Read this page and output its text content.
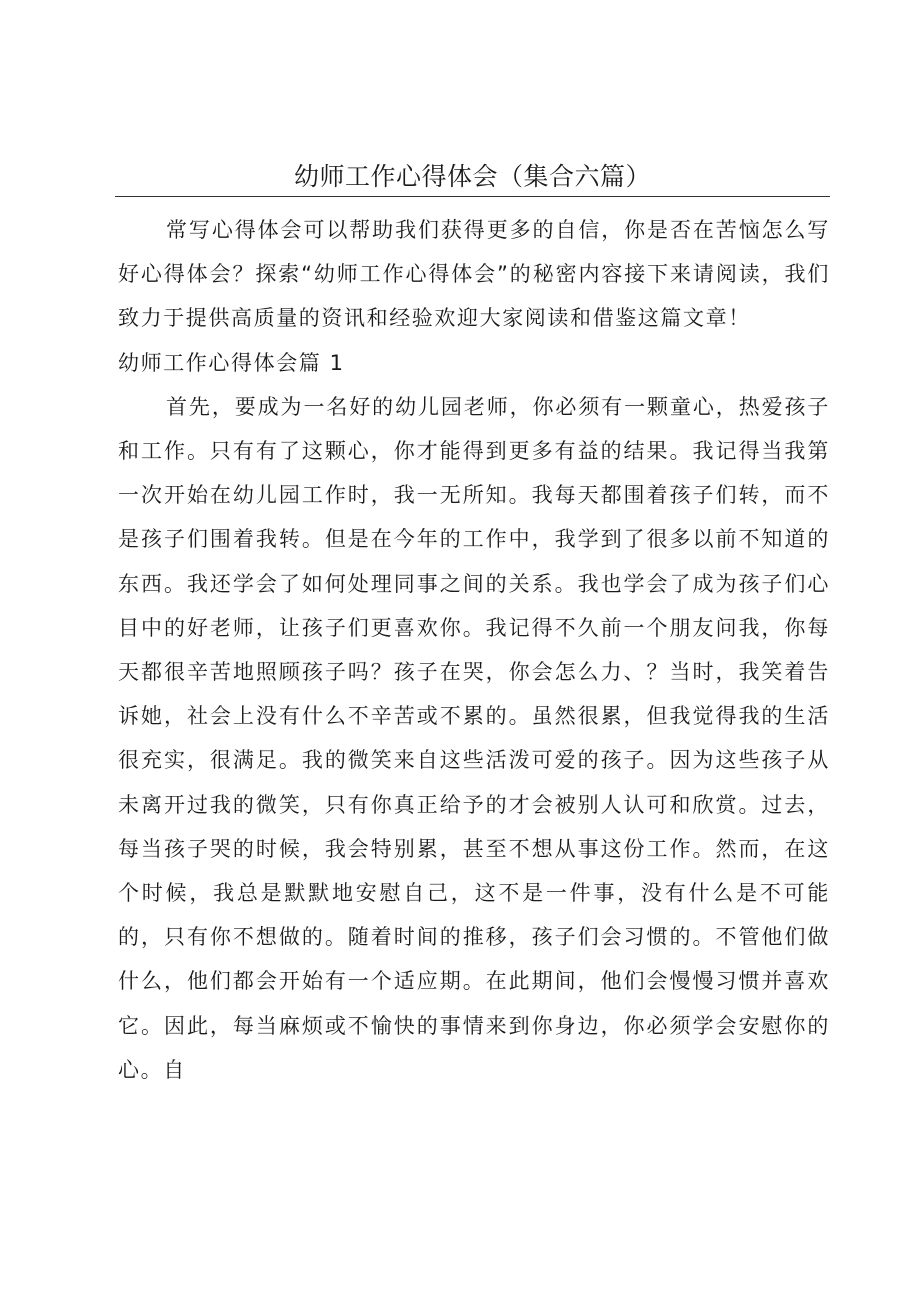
幼师工作心得体会（集合六篇）

常写心得体会可以帮助我们获得更多的自信，你是否在苦恼怎么写好心得体会？探索“幼师工作心得体会”的秘密内容接下来请阅读，我们致力于提供高质量的资讯和经验欢迎大家阅读和借鉴这篇文章！

幼师工作心得体会篇 1

首先，要成为一名好的幼儿园老师，你必须有一颗童心，热爱孩子和工作。只有有了这颗心，你才能得到更多有益的结果。我记得当我第一次开始在幼儿园工作时，我一无所知。我每天都围着孩子们转，而不是孩子们围着我转。但是在今年的工作中，我学到了很多以前不知道的东西。我还学会了如何处理同事之间的关系。我也学会了成为孩子们心目中的好老师，让孩子们更喜欢你。我记得不久前一个朋友问我，你每天都很辛苦地照顾孩子吗？孩子在哭，你会怎么力、？当时，我笑着告诉她，社会上没有什么不辛苦或不累的。虽然很累，但我觉得我的生活很充实，很满足。我的微笑来自这些活泼可爱的孩子。因为这些孩子从未离开过我的微笑，只有你真正给予的才会被别人认可和欣赏。过去，每当孩子哭的时候，我会特别累，甚至不想从事这份工作。然而，在这个时候，我总是默默地安慰自己，这不是一件事，没有什么是不可能的，只有你不想做的。随着时间的推移，孩子们会习惯的。不管他们做什么，他们都会开始有一个适应期。在此期间，他们会慢慢习惯并喜欢它。因此，每当麻烦或不愉快的事情来到你身边，你必须学会安慰你的心。自
